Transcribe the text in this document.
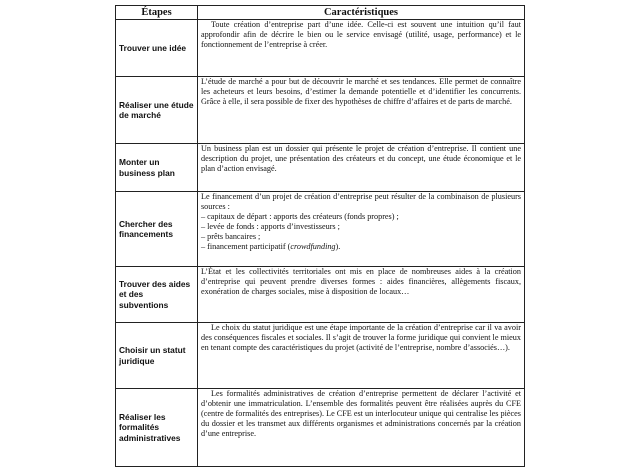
Étapes	Caractéristiques
Trouver une idée	Toute création d’entreprise part d’une idée. Celle-ci est souvent une intuition qu’il faut approfondir afin de décrire le bien ou le service envisagé (utilité, usage, performance) et le fonctionnement de l’entreprise à créer.

Réaliser une étude de marché	L’étude de marché a pour but de découvrir le marché et ses tendances. Elle permet de connaître les acheteurs et leurs besoins, d’estimer la demande potentielle et d’identifier les concurrents. Grâce à elle, il sera possible de fixer des hypothèses de chiffre d’affaires et de parts de marché.

Monter un business plan	Un business plan est un dossier qui présente le projet de création d’entreprise. Il contient une description du projet, une présentation des créateurs et du concept, une étude économique et le plan d’action envisagé.

Chercher des financements	Le financement d’un projet de création d’entreprise peut résulter de la combinaison de plusieurs sources :
– capitaux de départ : apports des créateurs (fonds propres) ;
– levée de fonds : apports d’investisseurs ;
– prêts bancaires ;
– financement participatif (crowdfunding).

Trouver des aides et des subventions	L’État et les collectivités territoriales ont mis en place de nombreuses aides à la création d’entreprise qui peuvent prendre diverses formes : aides financières, allègements fiscaux, exonération de charges sociales, mise à disposition de locaux…

Choisir un statut juridique	Le choix du statut juridique est une étape importante de la création d’entreprise car il va avoir des conséquences fiscales et sociales. Il s’agit de trouver la forme juridique qui convient le mieux en tenant compte des caractéristiques du projet (activité de l’entreprise, nombre d’associés…).

Réaliser les formalités administratives	Les formalités administratives de création d’entreprise permettent de déclarer l’activité et d’obtenir une immatriculation. L’ensemble des formalités peuvent être réalisées auprès du CFE (centre de formalités des entreprises). Le CFE est un interlocuteur unique qui centralise les pièces du dossier et les transmet aux différents organismes et administrations concernés par la création d’une entreprise.
